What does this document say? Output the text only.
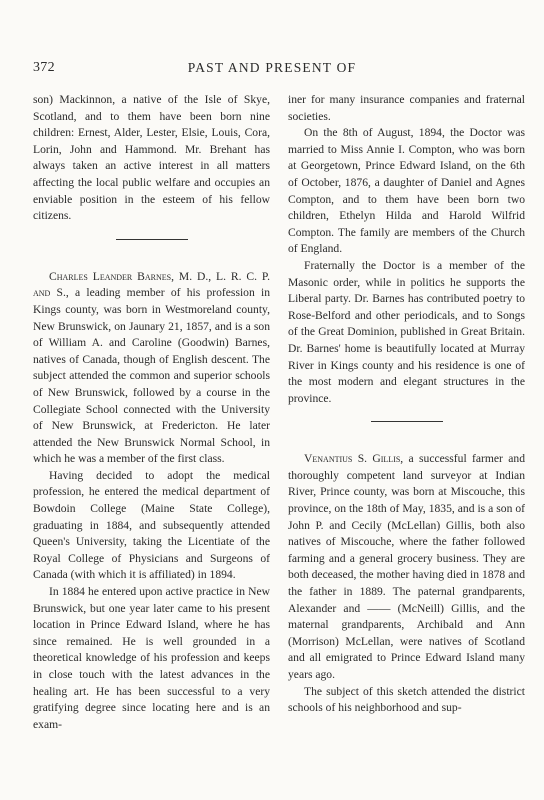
372	PAST AND PRESENT OF

son) Mackinnon, a native of the Isle of Skye, Scotland, and to them have been born nine children: Ernest, Alder, Lester, Elsie, Louis, Cora, Lorin, John and Hammond. Mr. Brehant has always taken an active interest in all matters affecting the local public welfare and occupies an enviable position in the esteem of his fellow citizens.

Charles Leander Barnes, M. D., L. R. C. P. and S., a leading member of his profession in Kings county, was born in Westmoreland county, New Brunswick, on Jaunary 21, 1857, and is a son of William A. and Caroline (Goodwin) Barnes, natives of Canada, though of English descent. The subject attended the common and superior schools of New Brunswick, followed by a course in the Collegiate School connected with the University of New Brunswick, at Fredericton. He later attended the New Brunswick Normal School, in which he was a member of the first class.

Having decided to adopt the medical profession, he entered the medical department of Bowdoin College (Maine State College), graduating in 1884, and subsequently attended Queen's University, taking the Licentiate of the Royal College of Physicians and Surgeons of Canada (with which it is affiliated) in 1894.

In 1884 he entered upon active practice in New Brunswick, but one year later came to his present location in Prince Edward Island, where he has since remained. He is well grounded in a theoretical knowledge of his profession and keeps in close touch with the latest advances in the healing art. He has been successful to a very gratifying degree since locating here and is an exam-

iner for many insurance companies and fraternal societies.

On the 8th of August, 1894, the Doctor was married to Miss Annie I. Compton, who was born at Georgetown, Prince Edward Island, on the 6th of October, 1876, a daughter of Daniel and Agnes Compton, and to them have been born two children, Ethelyn Hilda and Harold Wilfrid Compton. The family are members of the Church of England.

Fraternally the Doctor is a member of the Masonic order, while in politics he supports the Liberal party. Dr. Barnes has contributed poetry to Rose-Belford and other periodicals, and to Songs of the Great Dominion, published in Great Britain. Dr. Barnes' home is beautifully located at Murray River in Kings county and his residence is one of the most modern and elegant structures in the province.

Venantius S. Gillis, a successful farmer and thoroughly competent land surveyor at Indian River, Prince county, was born at Miscouche, this province, on the 18th of May, 1835, and is a son of John P. and Cecily (McLellan) Gillis, both also natives of Miscouche, where the father followed farming and a general grocery business. They are both deceased, the mother having died in 1878 and the father in 1889. The paternal grandparents, Alexander and —— (McNeill) Gillis, and the maternal grandparents, Archibald and Ann (Morrison) McLellan, were natives of Scotland and all emigrated to Prince Edward Island many years ago.

The subject of this sketch attended the district schools of his neighborhood and sup-
